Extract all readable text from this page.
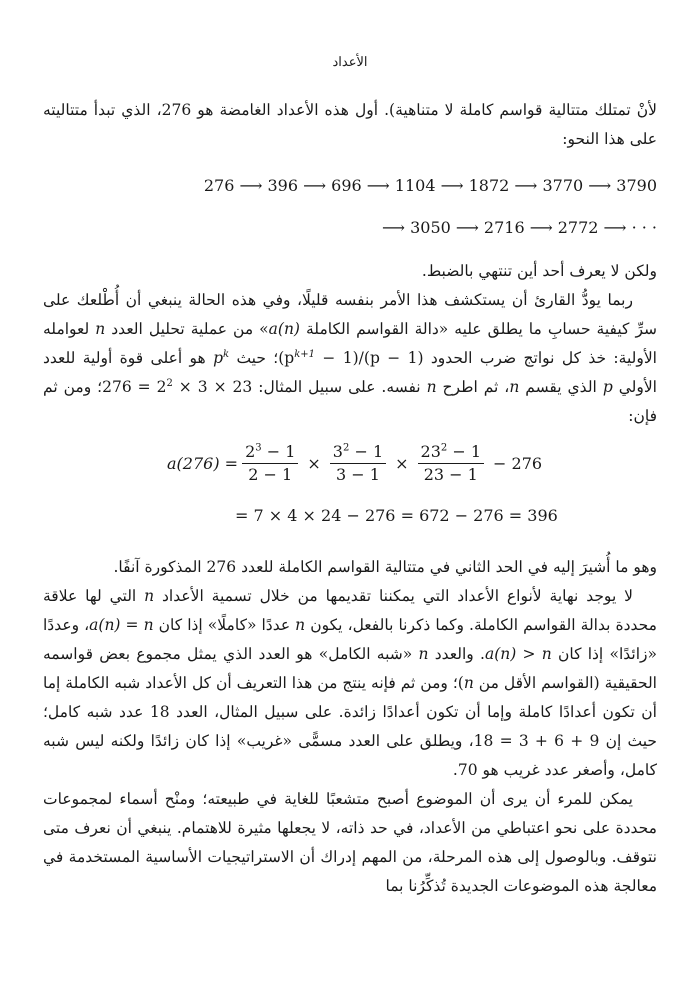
الأعداد

لأنْ تمتلك متتالية قواسم كاملة لا متناهية). أول هذه الأعداد الغامضة هو 276، الذي تبدأ متتاليته على هذا النحو:

276 ⟶ 396 ⟶ 696 ⟶ 1104 ⟶ 1872 ⟶ 3770 ⟶ 3790
⟶ 3050 ⟶ 2716 ⟶ 2772 ⟶ · · ·

ولكن لا يعرف أحد أين تنتهي بالضبط.

ربما يودُّ القارئ أن يستكشف هذا الأمر بنفسه قليلًا، وفي هذه الحالة ينبغي أن أُطْلعك على سرِّ كيفية حسابِ ما يطلق عليه «دالة القواسم الكاملة a(n)» من عملية تحليل العدد n لعوامله الأولية: خذ كل نواتج ضرب الحدود $(p^{k+1} - 1)/(p$ − 1)؛ حيث $p^k$ هو أعلى قوة أولية للعدد الأولي p الذي يقسم n، ثم اطرح n نفسه. على سبيل المثال: $276 = 2^2 \times 3$ × 23؛ ومن ثم فإن:

$a(276) = \frac{2^3 - 1}{2 - 1} \times \frac{3^2 - 1}{3 - 1} \times \frac{23^2 - 1}{23 - 1} - 276$
= 7 × 4 × 24 − 276 = 672 − 276 = 396

وهو ما أُشيرَ إليه في الحد الثاني في متتالية القواسم الكاملة للعدد 276 المذكورة آنفًا.

لا يوجد نهاية لأنواع الأعداد التي يمكننا تقديمها من خلال تسمية الأعداد n التي لها علاقة محددة بدالة القواسم الكاملة. وكما ذكرنا بالفعل، يكون n عددًا «كاملًا» إذا كان a(n) = n، وعددًا «زائدًا» إذا كان a(n) > n. والعدد n «شبه الكامل» هو العدد الذي يمثل مجموع بعض قواسمه الحقيقية (القواسم الأقل من n)؛ ومن ثم فإنه ينتج من هذا التعريف أن كل الأعداد شبه الكاملة إما أن تكون أعدادًا كاملة وإما أن تكون أعدادًا زائدة. على سبيل المثال، العدد 18 عدد شبه كامل؛ حيث إن 9 + 6 + 3 = 18، ويطلق على العدد مسمًّى «غريب» إذا كان زائدًا ولكنه ليس شبه كامل، وأصغر عدد غريب هو 70.

يمكن للمرء أن يرى أن الموضوع أصبح متشعبًا للغاية في طبيعته؛ ومنْح أسماء لمجموعات محددة على نحو اعتباطي من الأعداد، في حد ذاته، لا يجعلها مثيرة للاهتمام. ينبغي أن نعرف متى نتوقف. وبالوصول إلى هذه المرحلة، من المهم إدراك أن الاستراتيجيات الأساسية المستخدمة في معالجة هذه الموضوعات الجديدة تُذكِّرُنا بما
